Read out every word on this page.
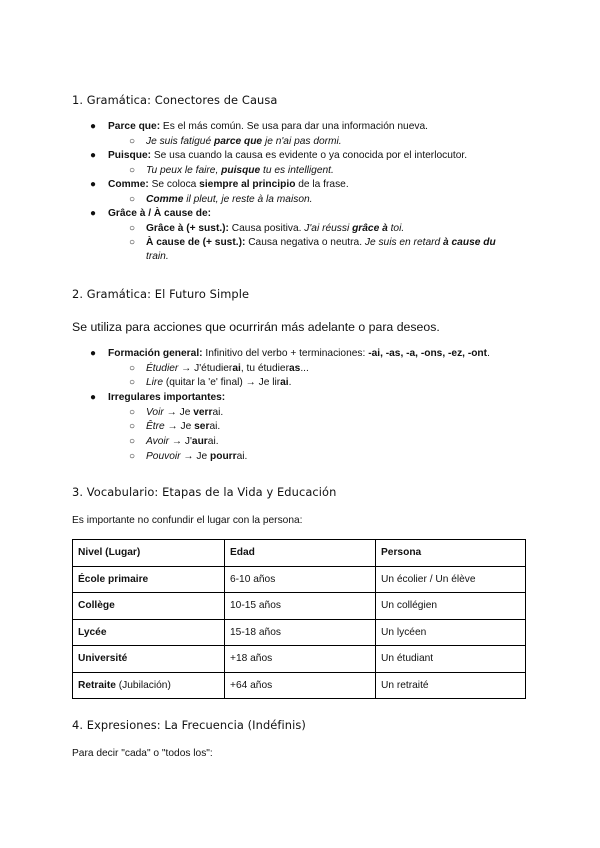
1. Gramática: Conectores de Causa
● Parce que: Es el más común. Se usa para dar una información nueva.
○ Je suis fatigué parce que je n'ai pas dormi.
● Puisque: Se usa cuando la causa es evidente o ya conocida por el interlocutor.
○ Tu peux le faire, puisque tu es intelligent.
● Comme: Se coloca siempre al principio de la frase.
○ Comme il pleut, je reste à la maison.
● Grâce à / À cause de:
○ Grâce à (+ sust.): Causa positiva. J'ai réussi grâce à toi.
○ À cause de (+ sust.): Causa negativa o neutra. Je suis en retard à cause du
train.
2. Gramática: El Futuro Simple
Se utiliza para acciones que ocurrirán más adelante o para deseos.
● Formación general: Infinitivo del verbo + terminaciones: -ai, -as, -a, -ons, -ez, -ont.
○ Étudier → J'étudierai, tu étudieras...
○ Lire (quitar la 'e' final) → Je lirai.
● Irregulares importantes:
○ Voir → Je verrai.
○ Être → Je serai.
○ Avoir → J'aurai.
○ Pouvoir → Je pourrai.
3. Vocabulario: Etapas de la Vida y Educación
Es importante no confundir el lugar con la persona:
Nivel (Lugar)	Edad	Persona
École primaire	6-10 años	Un écolier / Un élève
Collège	10-15 años	Un collégien
Lycée	15-18 años	Un lycéen
Université	+18 años	Un étudiant
Retraite (Jubilación)	+64 años	Un retraité
4. Expresiones: La Frecuencia (Indéfinis)
Para decir "cada" o "todos los":
